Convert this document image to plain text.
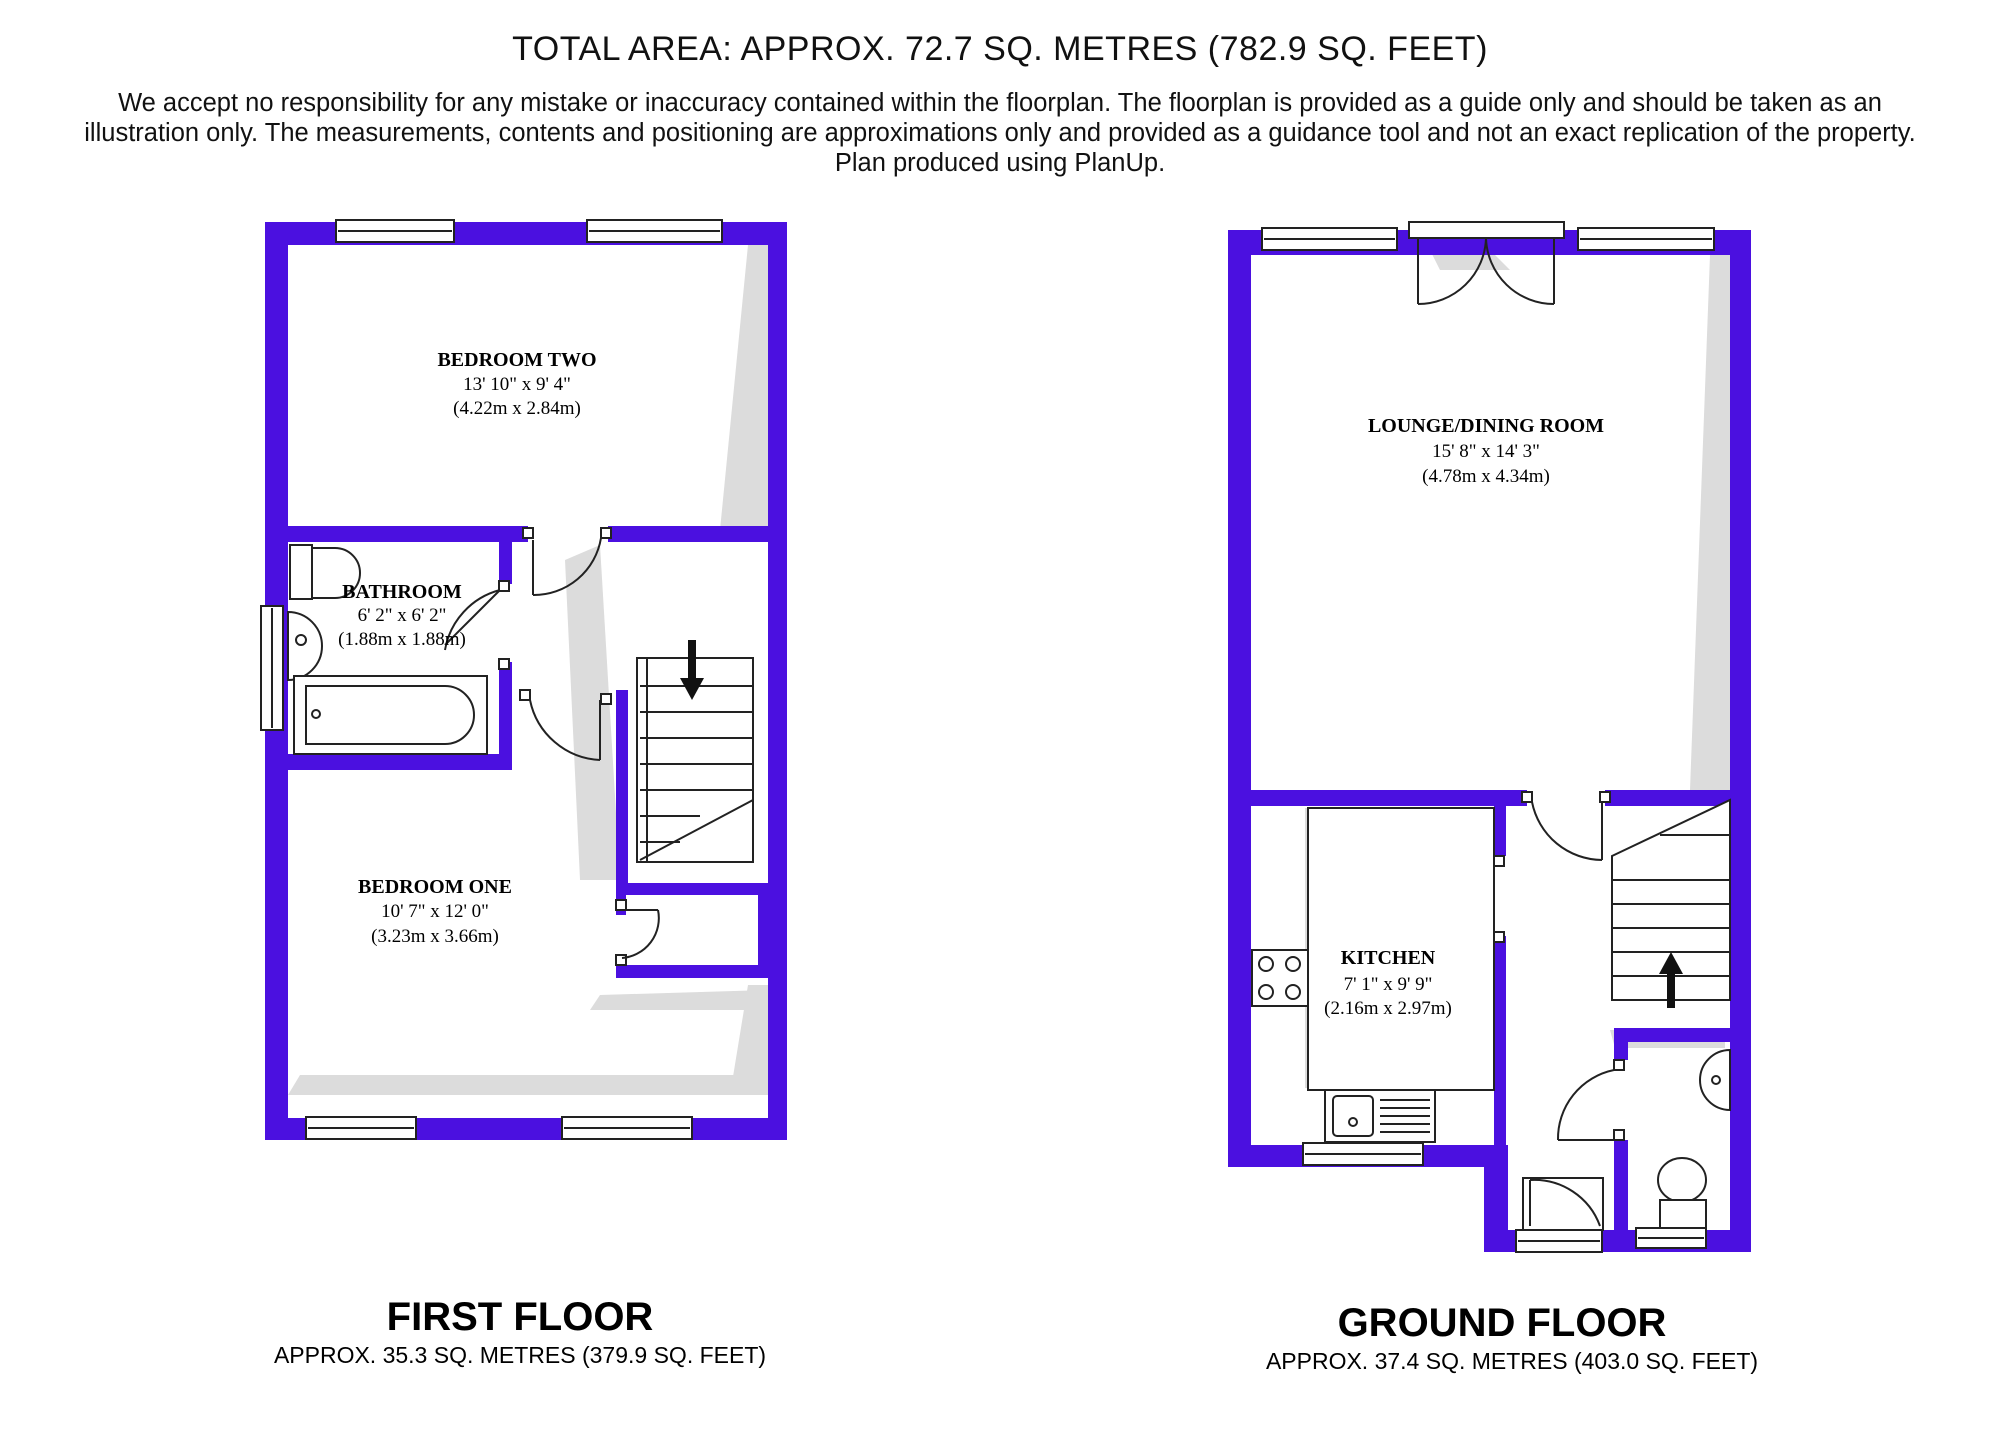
TOTAL AREA: APPROX. 72.7 SQ. METRES (782.9 SQ. FEET)
We accept no responsibility for any mistake or inaccuracy contained within the floorplan. The floorplan is provided as a guide only and should be taken as an
illustration only. The measurements, contents and positioning are approximations only and provided as a guidance tool and not an exact replication of the property.
Plan produced using PlanUp.
BEDROOM TWO
13' 10" x 9' 4"
(4.22m x 2.84m)
BATHROOM
6' 2" x 6' 2"
(1.88m x 1.88m)
BEDROOM ONE
10' 7" x 12' 0"
(3.23m x 3.66m)
FIRST FLOOR
APPROX. 35.3 SQ. METRES (379.9 SQ. FEET)
LOUNGE/DINING ROOM
15' 8" x 14' 3"
(4.78m x 4.34m)
KITCHEN
7' 1" x 9' 9"
(2.16m x 2.97m)
GROUND FLOOR
APPROX. 37.4 SQ. METRES (403.0 SQ. FEET)
